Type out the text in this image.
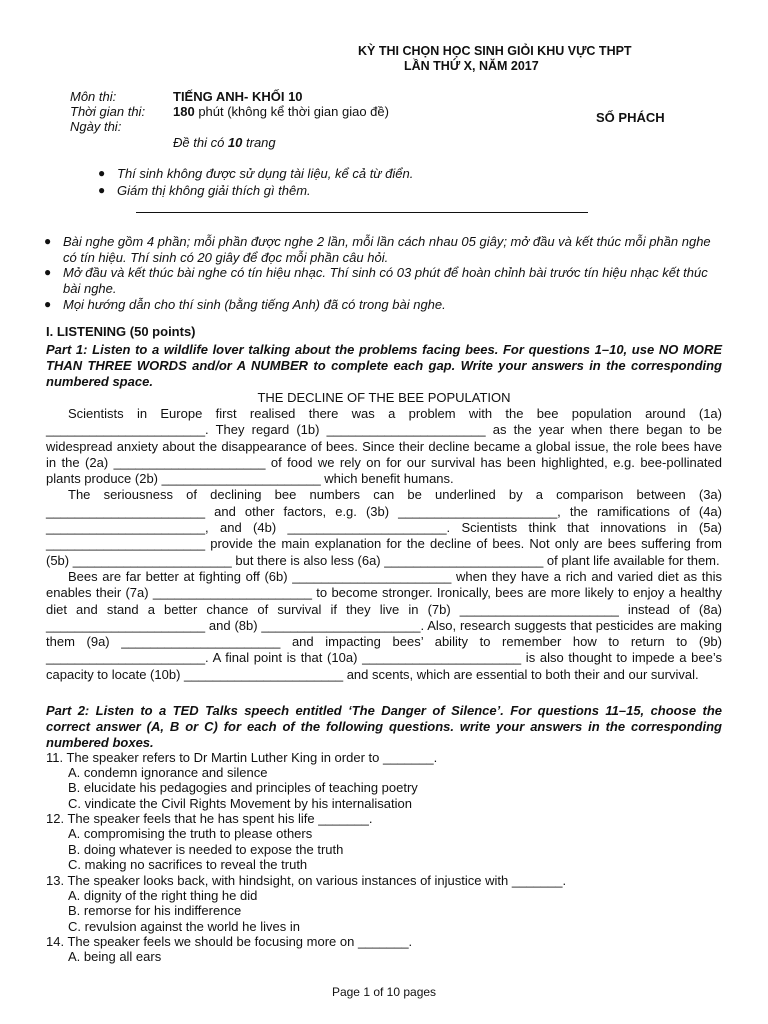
KỲ THI CHỌN HỌC SINH GIỎI KHU VỰC THPT
LẦN THỨ X, NĂM 2017
Môn thi:	TIẾNG ANH- KHỐI 10
Thời gian thi: 180 phút (không kể thời gian giao đề)
Ngày thi:
SỐ PHÁCH
Đề thi có 10 trang
● Thí sinh không được sử dụng tài liệu, kể cả từ điển.
● Giám thị không giải thích gì thêm.
● Bài nghe gồm 4 phần; mỗi phần được nghe 2 lần, mỗi lần cách nhau 05 giây; mở đầu và kết thúc mỗi phần nghe có tín hiệu. Thí sinh có 20 giây để đọc mỗi phần câu hỏi.
● Mở đầu và kết thúc bài nghe có tín hiệu nhạc. Thí sinh có 03 phút để hoàn chỉnh bài trước tín hiệu nhạc kết thúc bài nghe.
● Mọi hướng dẫn cho thí sinh (bằng tiếng Anh) đã có trong bài nghe.
I. LISTENING (50 points)
Part 1: Listen to a wildlife lover talking about the problems facing bees. For questions 1–10, use NO MORE THAN THREE WORDS and/or A NUMBER to complete each gap. Write your answers in the corresponding numbered space.
THE DECLINE OF THE BEE POPULATION

Scientists in Europe first realised there was a problem with the bee population around (1a) ______________________. They regard (1b) ______________________ as the year when there began to be widespread anxiety about the disappearance of bees. Since their decline became a global issue, the role bees have in the (2a) _____________________ of food we rely on for our survival has been highlighted, e.g. bee-pollinated plants produce (2b) ______________________ which benefit humans.

The seriousness of declining bee numbers can be underlined by a comparison between (3a) ______________________ and other factors, e.g. (3b) ______________________, the ramifications of (4a) ______________________, and (4b) ______________________. Scientists think that innovations in (5a) ______________________ provide the main explanation for the decline of bees. Not only are bees suffering from (5b) ______________________ but there is also less (6a) ______________________ of plant life available for them.

Bees are far better at fighting off (6b) ______________________ when they have a rich and varied diet as this enables their (7a) ______________________ to become stronger. Ironically, bees are more likely to enjoy a healthy diet and stand a better chance of survival if they live in (7b) ______________________ instead of (8a) ______________________ and (8b) ______________________. Also, research suggests that pesticides are making them (9a) ______________________ and impacting bees’ ability to remember how to return to (9b) ______________________. A final point is that (10a) ______________________ is also thought to impede a bee’s capacity to locate (10b) ______________________ and scents, which are essential to both their and our survival.

Part 2: Listen to a TED Talks speech entitled ‘The Danger of Silence’. For questions 11–15, choose the correct answer (A, B or C) for each of the following questions. write your answers in the corresponding numbered boxes.
11. The speaker refers to Dr Martin Luther King in order to _______.
A. condemn ignorance and silence
B. elucidate his pedagogies and principles of teaching poetry
C. vindicate the Civil Rights Movement by his internalisation
12. The speaker feels that he has spent his life _______.
A. compromising the truth to please others
B. doing whatever is needed to expose the truth
C. making no sacrifices to reveal the truth
13. The speaker looks back, with hindsight, on various instances of injustice with _______.
A. dignity of the right thing he did
B. remorse for his indifference
C. revulsion against the world he lives in
14. The speaker feels we should be focusing more on _______.
A. being all ears
Page 1 of 10 pages
